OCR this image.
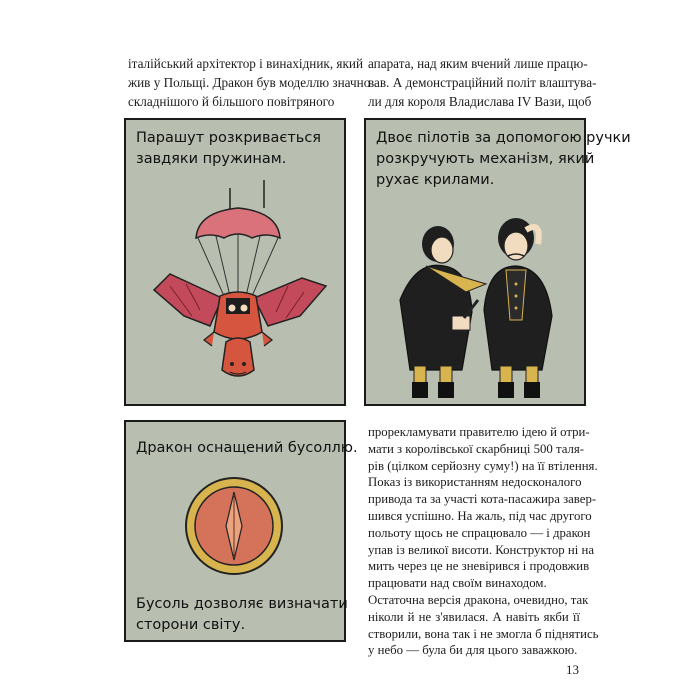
італійський архітектор і винахідник, який
жив у Польщі. Дракон був моделлю значно
складнішого й більшого повітряного
апарата, над яким вчений лише працю-
вав. А демонстраційний політ влаштува-
ли для короля Владислава IV Вази, щоб

Парашут розкривається
завдяки пружинам.

Двоє пілотів за допомогою ручки
розкручують механізм, який
рухає крилами.

Дракон оснащений бусоллю.

Бусоль дозволяє визначати
сторони світу.

прорекламувати правителю ідею й отри-
мати з королівської скарбниці 500 таля-
рів (цілком серйозну суму!) на її втілення.
Показ із використанням недосконалого
привода та за участі кота-пасажира завер-
шився успішно. На жаль, під час другого
польоту щось не спрацювало — і дракон
упав із великої висоти. Конструктор ні на
мить через це не зневірився і продовжив
працювати над своїм винаходом.
Остаточна версія дракона, очевидно, так
ніколи й не з'явилася. А навіть якби її
створили, вона так і не змогла б піднятись
у небо — була би для цього заважкою.
13
